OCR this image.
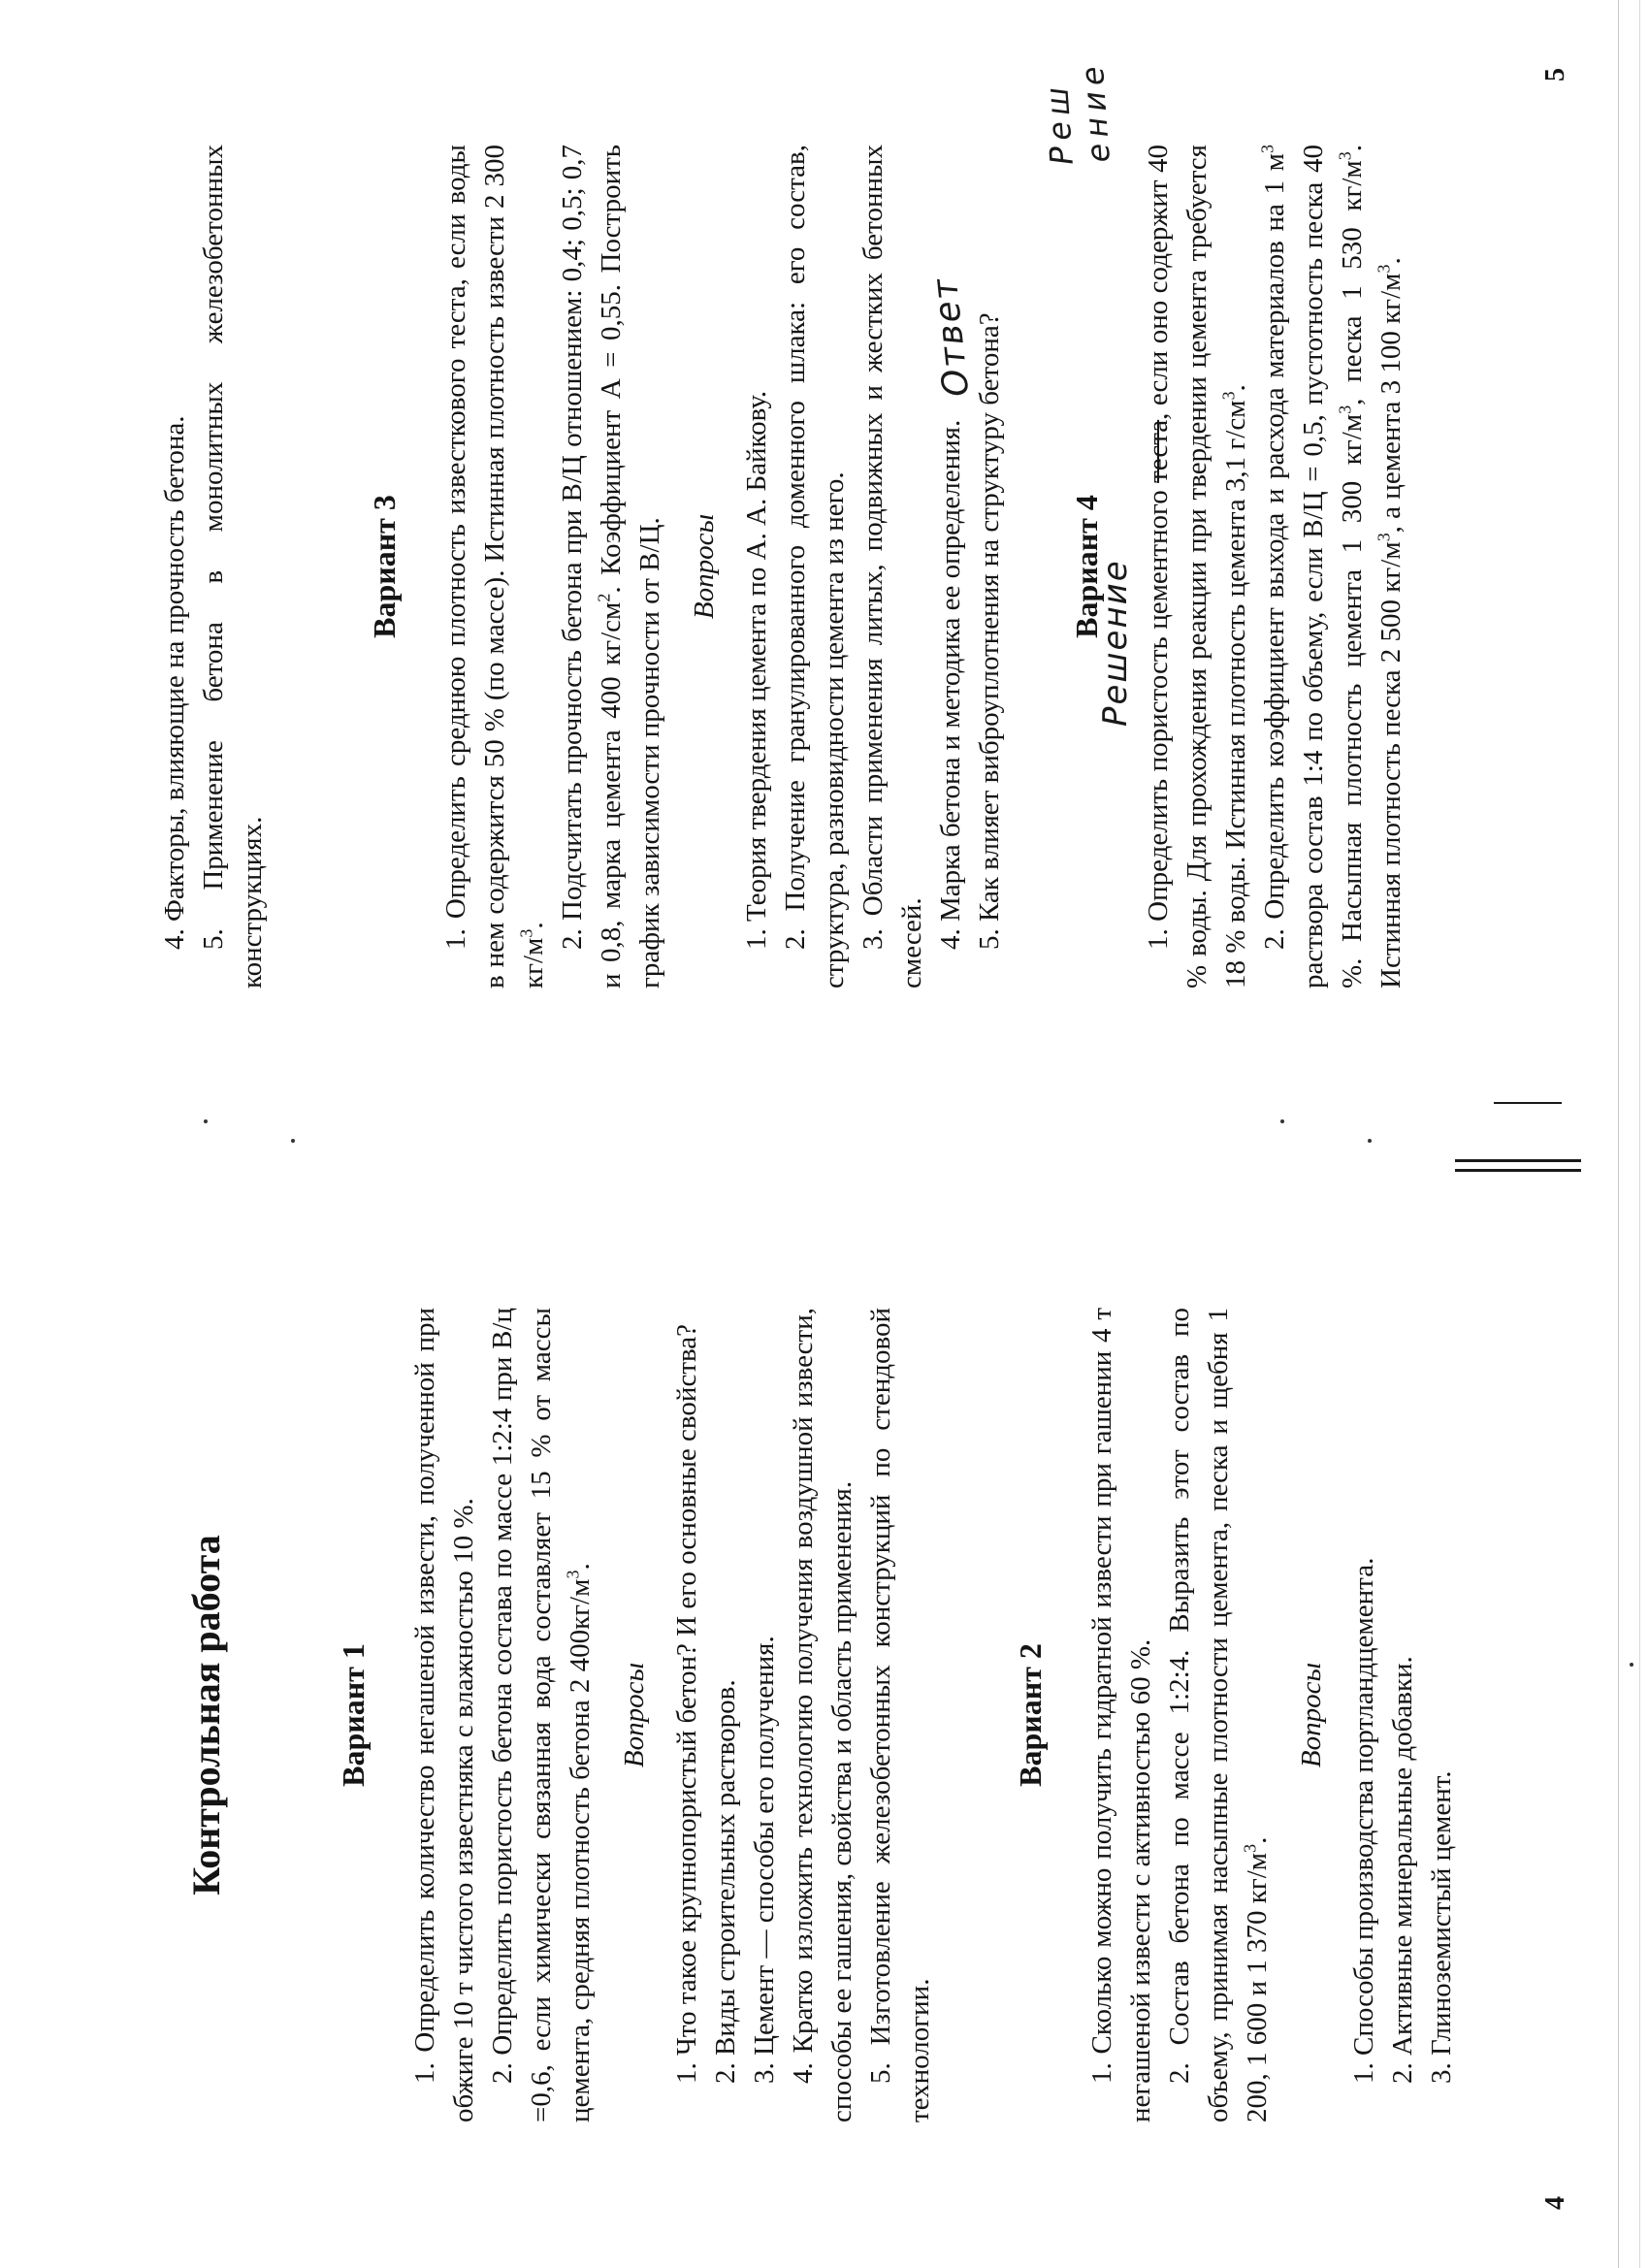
Контрольная работа	Вариант 1 1. Определить количество негашеной извести, полученной при обжиге 10 т чистого известняка с влажностью 10 %. 2. Определить пористость бетона состава по массе 1:2:4 при В/ц =0,6, если химически связанная вода составляет 15 % от массы цемента, средняя плотность бетона 2 $400кг/м^3$.

Вопросы 1. Что такое крупнопористый бетон? И его основные свойства? 2. Виды строительных растворов. 3. Цемент — способы его получения. 4. Кратко изложить технологию получения воздушной извести, способы ее гашения, свойства и область применения. 5. Изготовление железобетонных конструкций по стендовой технологии.

Вариант 2 1. Сколько можно получить гидратной извести при гашении 4 т негашеной извести с активностью 60 %. 2. Состав бетона по массе 1:2:4. Выразить этот состав по объему, принимая насыпные плотности цемента, песка и щебня 1 200, 1 600 и 1 370 $кг/м^3$.

Вопросы 1. Способы производства портландцемента. 2. Активные минеральные добавки. 3. Глиноземистый цемент.

4

4. Факторы, влияющие на прочность бетона. 5. Применение бетона в монолитных железобетонных конструкциях.

Вариант 3 1. Определить среднюю плотность известкового теста, если воды в нем содержится 50 % (по массе). Истинная плотность извести 2 300 $кг/м^3$. 2. Подсчитать прочность бетона при В/Ц отношением: 0,4; 0,5; 0,7 и 0,8, марка цемента 400 $кг/см^2$. Коэффициент А = 0,55. Построить график зависимости прочности от В/Ц. Вопросы 1. Теория твердения цемента по А. А. Байкову. 2. Получение гранулированного доменного шлака: его состав, структура, разновидности цемента из него. 3. Области применения литых, подвижных и жестких бетонных смесей. 4. Марка бетона и методика ее определения. 5. Как влияет виброуплотнения на структуру бетона? Вариант 4 1. Определить пористость цементного теста, если оно содержит 40 % воды. Для прохождения реакции при твердении цемента требуется 18 % воды. Истинная плотность цемента 3,1 $г/см^3$. 2. Определить коэффициент выхода и расхода материалов на 1 $м^3$ раствора состав 1:4 по объему, если В/Ц = 0,5, пустотность песка 40 %. Насыпная плотность цемента 1 300 $кг/м^3$, песка 1 530 $кг/м^3$. Истинная плотность песка 2 500 $кг/м^3$, а цемента 3 100 $кг/м^3$.

5
Ответ
Решение
Реш ение
